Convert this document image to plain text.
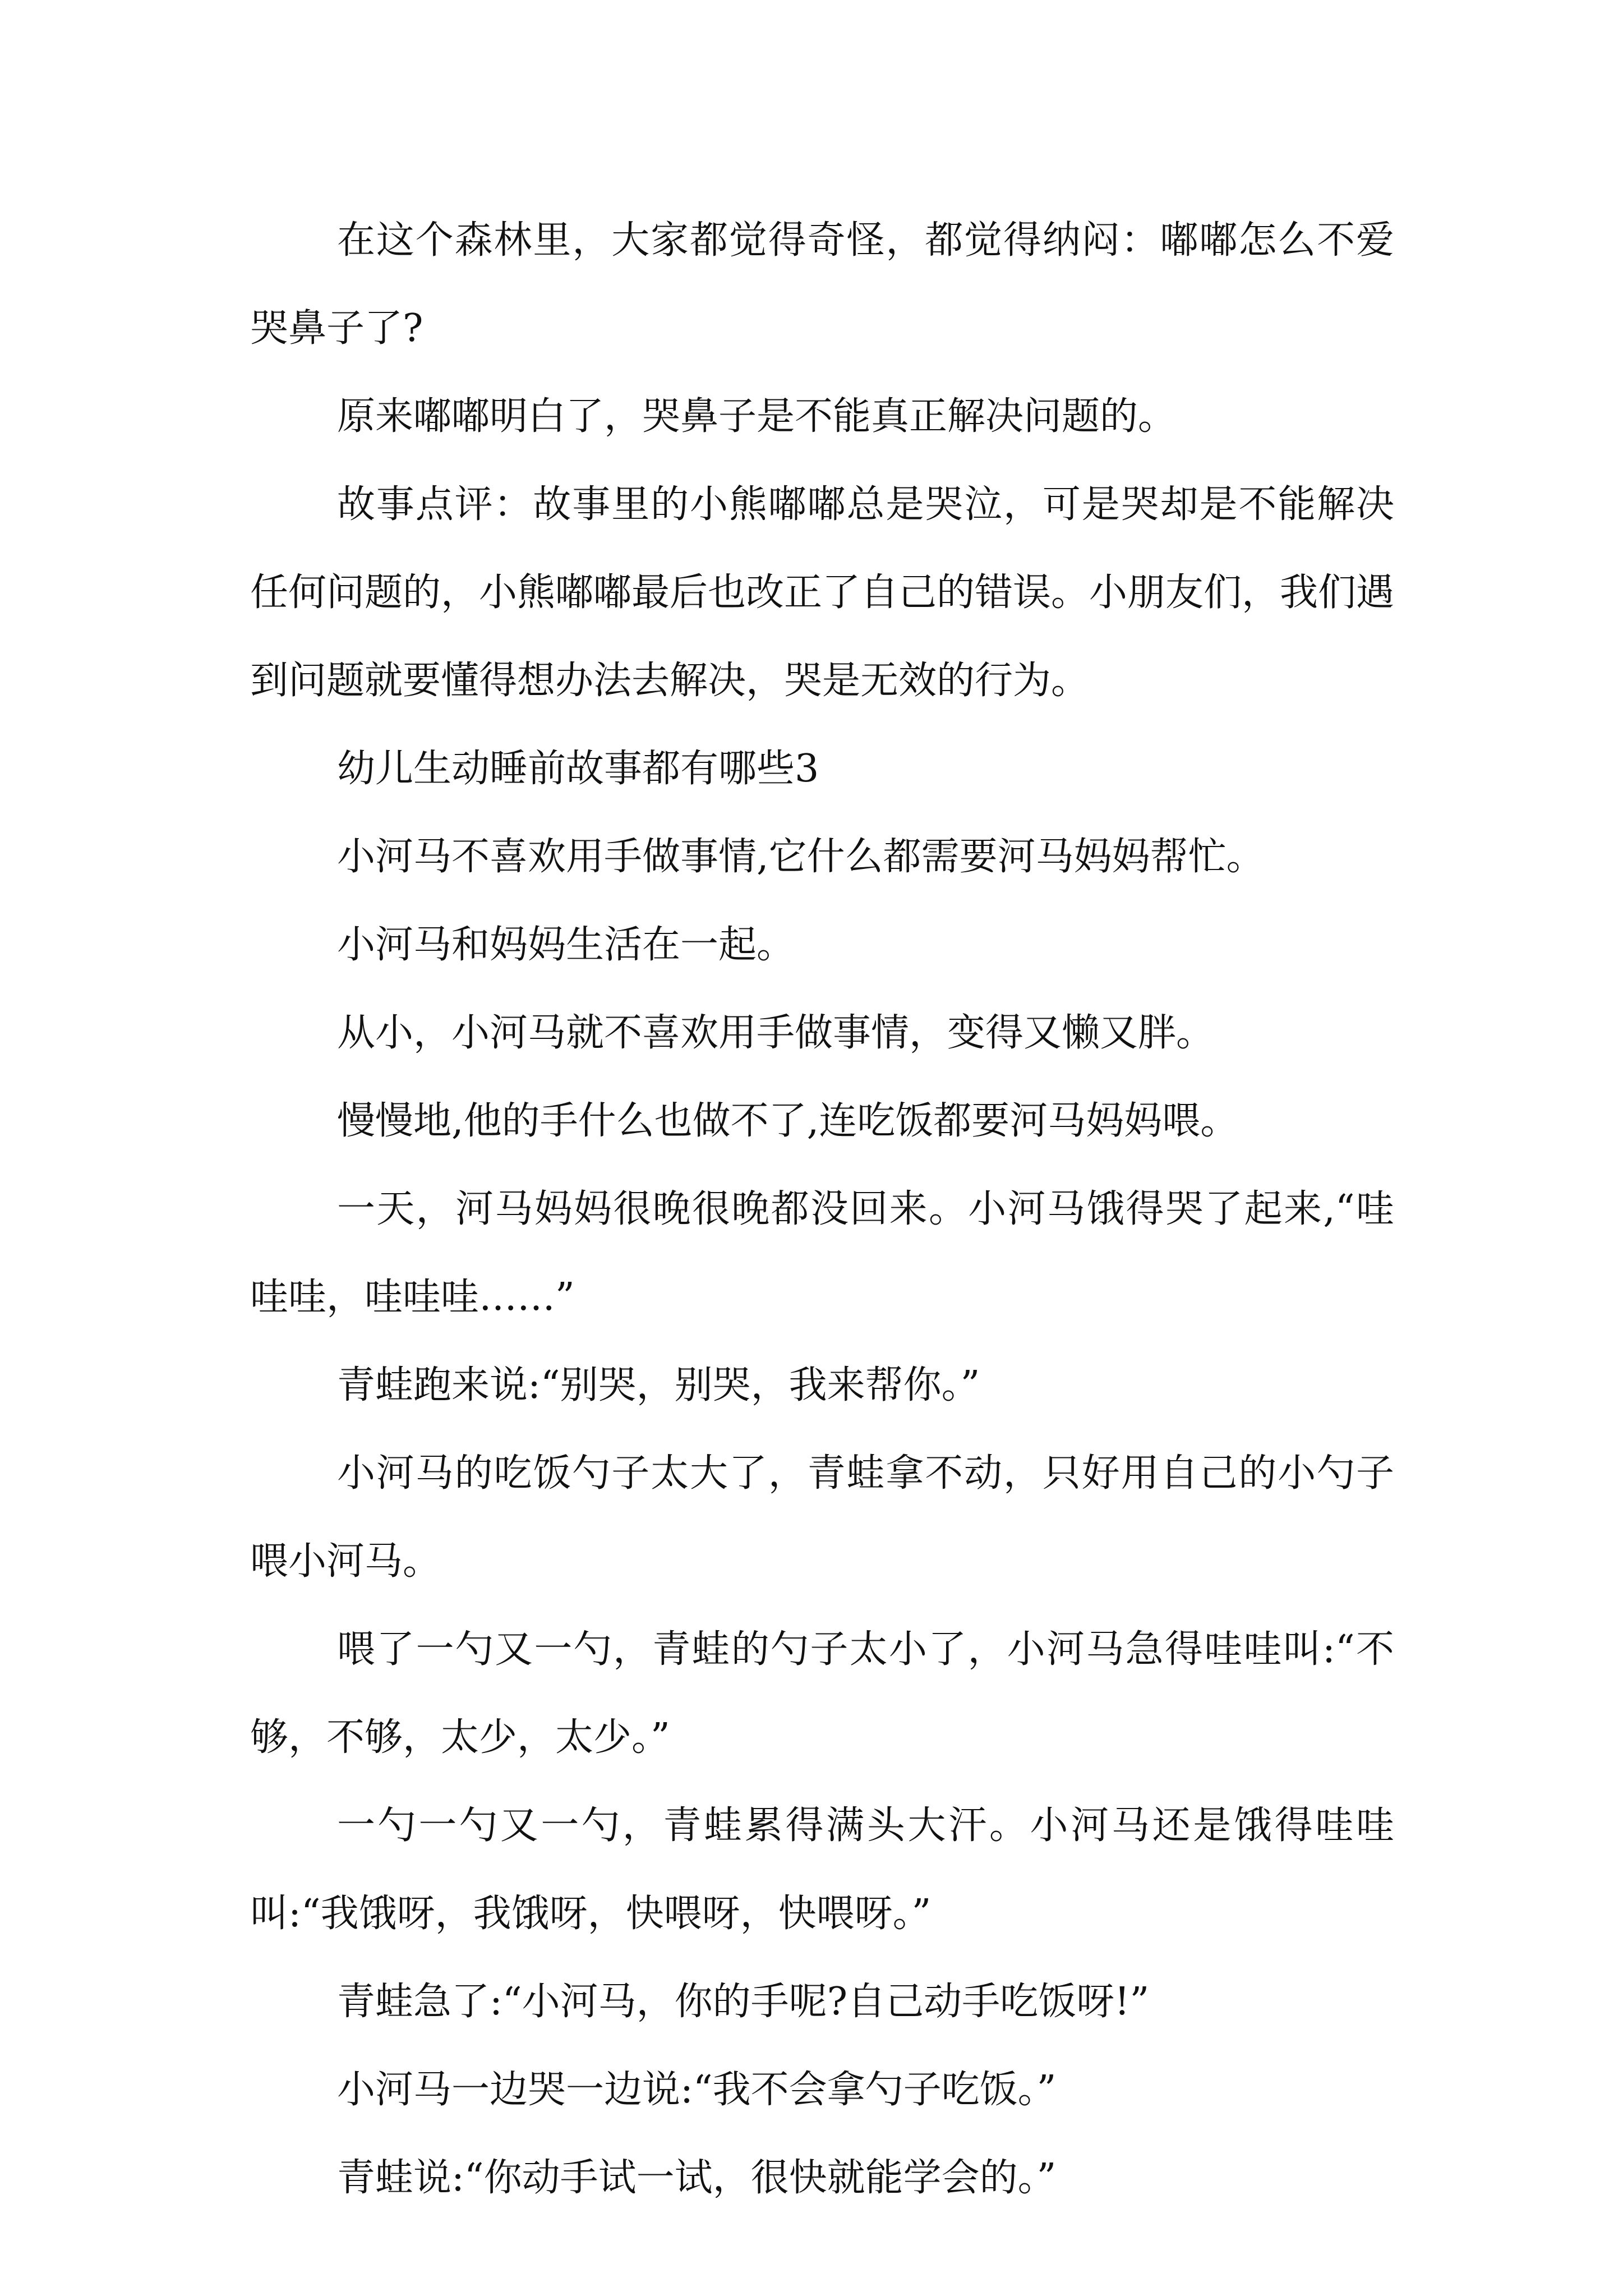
在这个森林里，大家都觉得奇怪，都觉得纳闷：嘟嘟怎么不爱哭鼻子了?

原来嘟嘟明白了，哭鼻子是不能真正解决问题的。

故事点评：故事里的小熊嘟嘟总是哭泣，可是哭却是不能解决任何问题的，小熊嘟嘟最后也改正了自己的错误。小朋友们，我们遇到问题就要懂得想办法去解决，哭是无效的行为。

幼儿生动睡前故事都有哪些3

小河马不喜欢用手做事情,它什么都需要河马妈妈帮忙。

小河马和妈妈生活在一起。

从小，小河马就不喜欢用手做事情，变得又懒又胖。

慢慢地,他的手什么也做不了,连吃饭都要河马妈妈喂。

一天，河马妈妈很晚很晚都没回来。小河马饿得哭了起来,“哇哇哇，哇哇哇……”

青蛙跑来说:“别哭，别哭，我来帮你。”

小河马的吃饭勺子太大了，青蛙拿不动，只好用自己的小勺子喂小河马。

喂了一勺又一勺，青蛙的勺子太小了，小河马急得哇哇叫:“不够，不够，太少，太少。”

一勺一勺又一勺，青蛙累得满头大汗。小河马还是饿得哇哇叫:“我饿呀，我饿呀，快喂呀，快喂呀。”

青蛙急了:“小河马，你的手呢?自己动手吃饭呀!”

小河马一边哭一边说:“我不会拿勺子吃饭。”

青蛙说:“你动手试一试，很快就能学会的。”
